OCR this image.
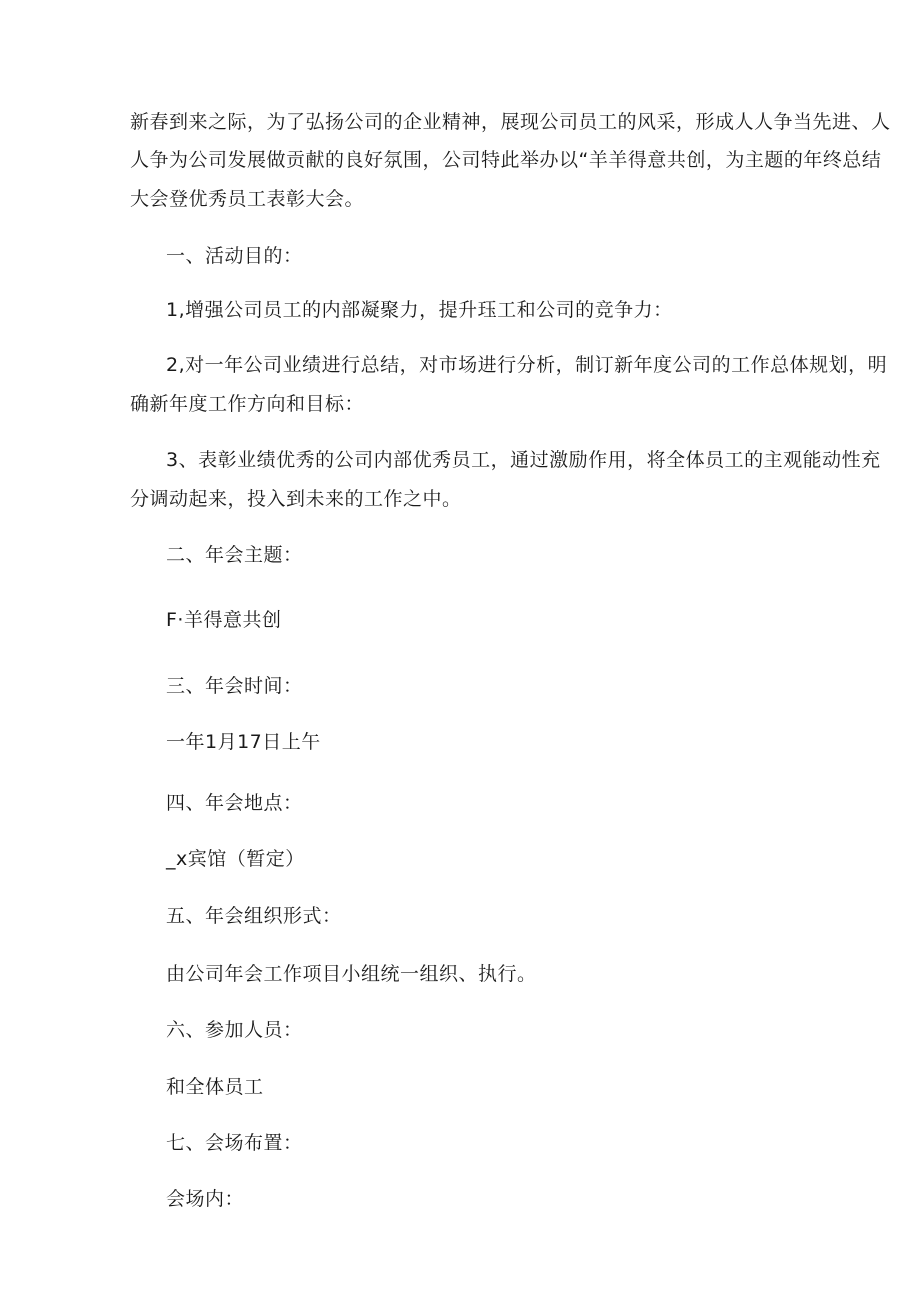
新春到来之际，为了弘扬公司的企业精神，展现公司员工的风采，形成人人争当先进、人
人争为公司发展做贡献的良好氛围，公司特此举办以“羊羊得意共创，为主题的年终总结
大会登优秀员工表彰大会。
一、活动目的：
1,增强公司员工的内部凝聚力，提升珏工和公司的竞争力：
2,对一年公司业绩进行总结，对市场进行分析，制订新年度公司的工作总体规划，明
确新年度工作方向和目标：
3、表彰业绩优秀的公司内部优秀员工，通过激励作用，将全体员工的主观能动性充
分调动起来，投入到未来的工作之中。
二、年会主题：
F·羊得意共创
三、年会时间：
一年1月17日上午
四、年会地点：
_x宾馆（暂定）
五、年会组织形式：
由公司年会工作项目小组统一组织、执行。
六、参加人员：
和全体员工
七、会场布置：
会场内：
